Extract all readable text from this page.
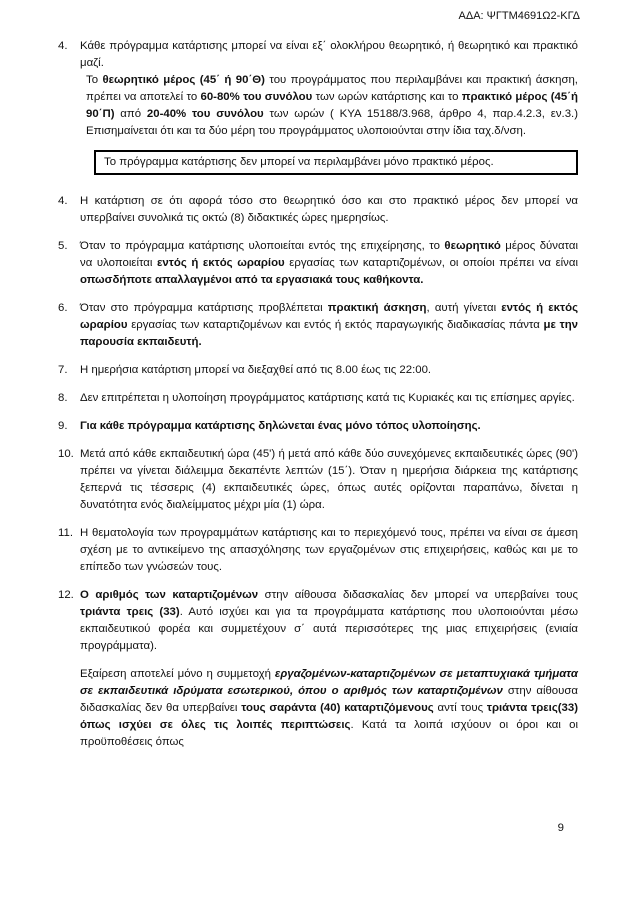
ΑΔΑ: ΨΓΤΜ4691Ω2-ΚΓΔ
4. Κάθε πρόγραμμα κατάρτισης μπορεί να είναι εξ΄ ολοκλήρου θεωρητικό, ή θεωρητικό και πρακτικό μαζί.
Το θεωρητικό μέρος (45΄ ή 90΄Θ) του προγράμματος που περιλαμβάνει και πρακτική άσκηση, πρέπει να αποτελεί το 60-80% του συνόλου των ωρών κατάρτισης και το πρακτικό μέρος (45΄ή 90΄Π) από 20-40% του συνόλου των ωρών ( ΚΥΑ 15188/3.968, άρθρο 4, παρ.4.2.3, εν.3.) Επισημαίνεται ότι και τα δύο μέρη του προγράμματος υλοποιούνται στην ίδια ταχ.δ/νση.
Το πρόγραμμα κατάρτισης δεν μπορεί να περιλαμβάνει μόνο πρακτικό μέρος.
4. Η κατάρτιση σε ότι αφορά τόσο στο θεωρητικό όσο και στο πρακτικό μέρος δεν μπορεί να υπερβαίνει συνολικά τις οκτώ (8) διδακτικές ώρες ημερησίως.
5. Όταν το πρόγραμμα κατάρτισης υλοποιείται εντός της επιχείρησης, το θεωρητικό μέρος δύναται να υλοποιείται εντός ή εκτός ωραρίου εργασίας των καταρτιζομένων, οι οποίοι πρέπει να είναι οπωσδήποτε απαλλαγμένοι από τα εργασιακά τους καθήκοντα.
6. Όταν στο πρόγραμμα κατάρτισης προβλέπεται πρακτική άσκηση, αυτή γίνεται εντός ή εκτός ωραρίου εργασίας των καταρτιζομένων και εντός ή εκτός παραγωγικής διαδικασίας πάντα με την παρουσία εκπαιδευτή.
7. Η ημερήσια κατάρτιση μπορεί να διεξαχθεί από τις 8.00 έως τις 22:00.
8. Δεν επιτρέπεται η υλοποίηση προγράμματος κατάρτισης κατά τις Κυριακές και τις επίσημες αργίες.
9. Για κάθε πρόγραμμα κατάρτισης δηλώνεται ένας μόνο τόπος υλοποίησης.
10. Μετά από κάθε εκπαιδευτική ώρα (45') ή μετά από κάθε δύο συνεχόμενες εκπαιδευτικές ώρες (90') πρέπει να γίνεται διάλειμμα δεκαπέντε λεπτών (15΄). Όταν η ημερήσια διάρκεια της κατάρτισης ξεπερνά τις τέσσερις (4) εκπαιδευτικές ώρες, όπως αυτές ορίζονται παραπάνω, δίνεται η δυνατότητα ενός διαλείμματος μέχρι μία (1) ώρα.
11. Η θεματολογία των προγραμμάτων κατάρτισης και το περιεχόμενό τους, πρέπει να είναι σε άμεση σχέση με το αντικείμενο της απασχόλησης των εργαζομένων στις επιχειρήσεις, καθώς και με το επίπεδο των γνώσεών τους.
12. Ο αριθμός των καταρτιζομένων στην αίθουσα διδασκαλίας δεν μπορεί να υπερβαίνει τους τριάντα τρεις (33). Αυτό ισχύει και για τα προγράμματα κατάρτισης που υλοποιούνται μέσω εκπαιδευτικού φορέα και συμμετέχουν σ΄ αυτά περισσότερες της μιας επιχειρήσεις (ενιαία προγράμματα).
Εξαίρεση αποτελεί μόνο η συμμετοχή εργαζομένων-καταρτιζομένων σε μεταπτυχιακά τμήματα σε εκπαιδευτικά ιδρύματα εσωτερικού, όπου ο αριθμός των καταρτιζομένων στην αίθουσα διδασκαλίας δεν θα υπερβαίνει τους σαράντα (40) καταρτιζόμενους αντί τους τριάντα τρεις(33) όπως ισχύει σε όλες τις λοιπές περιπτώσεις. Κατά τα λοιπά ισχύουν οι όροι και οι προϋποθέσεις όπως
9
